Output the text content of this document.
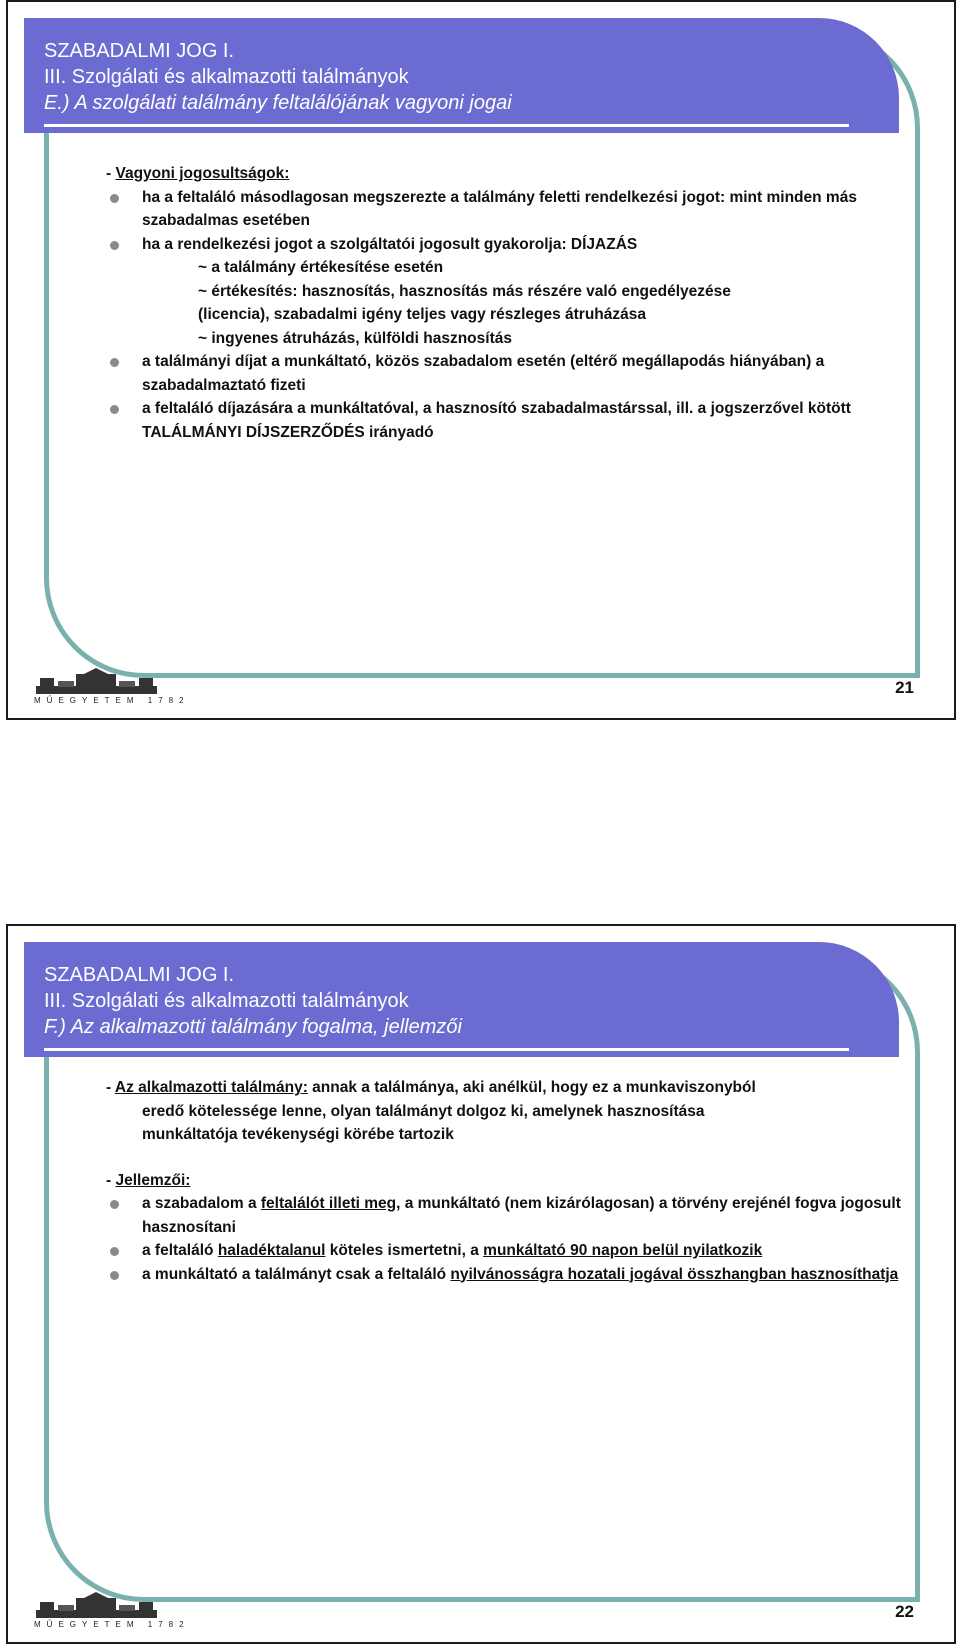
SZABADALMI JOG I.
III. Szolgálati és alkalmazotti találmányok
E.) A szolgálati találmány feltalálójának vagyoni jogai
- Vagyoni jogosultságok:
ha a feltaláló másodlagosan megszerezte a találmány feletti rendelkezési jogot: mint minden más szabadalmas esetében
ha a rendelkezési jogot a szolgáltatói jogosult gyakorolja: DÍJAZÁS
~ a találmány értékesítése esetén
~ értékesítés: hasznosítás, hasznosítás más részére való engedélyezése
(licencia), szabadalmi igény teljes vagy részleges átruházása
~ ingyenes átruházás, külföldi hasznosítás
a találmányi díjat a munkáltató, közös szabadalom esetén (eltérő megállapodás hiányában) a szabadalmaztató fizeti
a feltaláló díjazására a munkáltatóval, a hasznosító szabadalmastárssal, ill. a jogszerzővel kötött TALÁLMÁNYI DÍJSZERZŐDÉS irányadó
MŰEGYETEM 1782
21
SZABADALMI JOG I.
III. Szolgálati és alkalmazotti találmányok
F.) Az alkalmazotti találmány fogalma, jellemzői
- Az alkalmazotti találmány: annak a találmánya, aki anélkül, hogy ez a munkaviszonyból
eredő kötelessége lenne, olyan találmányt dolgoz ki, amelynek hasznosítása
munkáltatója tevékenységi körébe tartozik
- Jellemzői:
a szabadalom a feltalálót illeti meg, a munkáltató (nem kizárólagosan) a törvény erejénél fogva jogosult hasznosítani
a feltaláló haladéktalanul köteles ismertetni, a munkáltató 90 napon belül nyilatkozik
a munkáltató a találmányt csak a feltaláló nyilvánosságra hozatali jogával összhangban hasznosíthatja
MŰEGYETEM 1782
22
